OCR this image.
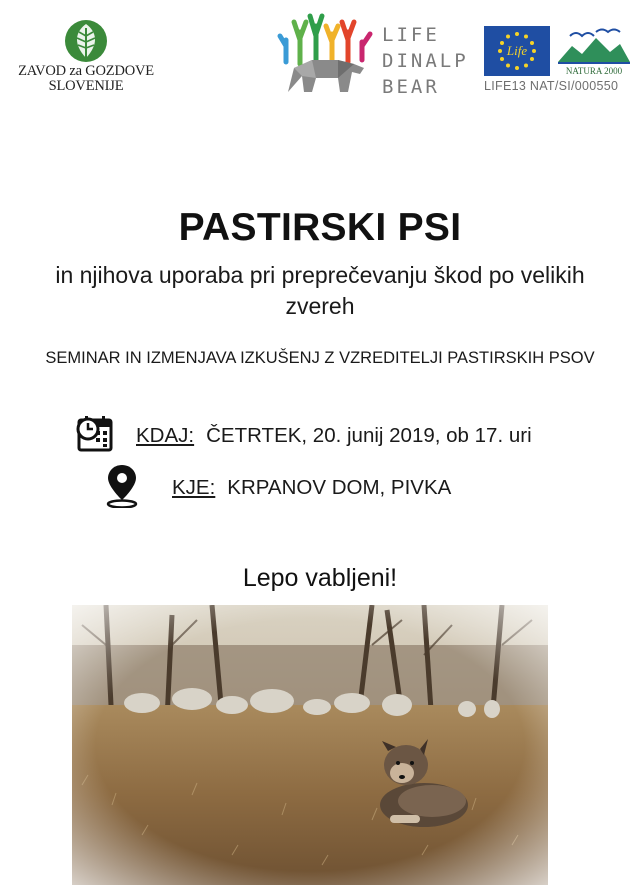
ZAVOD za GOZDOVE
SLOVENIJE
LIFE
DINALP
BEAR
Life
NATURA 2000
LIFE13 NAT/SI/000550
PASTIRSKI PSI
in njihova uporaba pri preprečevanju škod po velikih zvereh
SEMINAR IN IZMENJAVA IZKUŠENJ Z VZREDITELJI PASTIRSKIH PSOV
KDAJ: ČETRTEK, 20. junij 2019, ob 17. uri
KJE: KRPANOV DOM, PIVKA
Lepo vabljeni!
